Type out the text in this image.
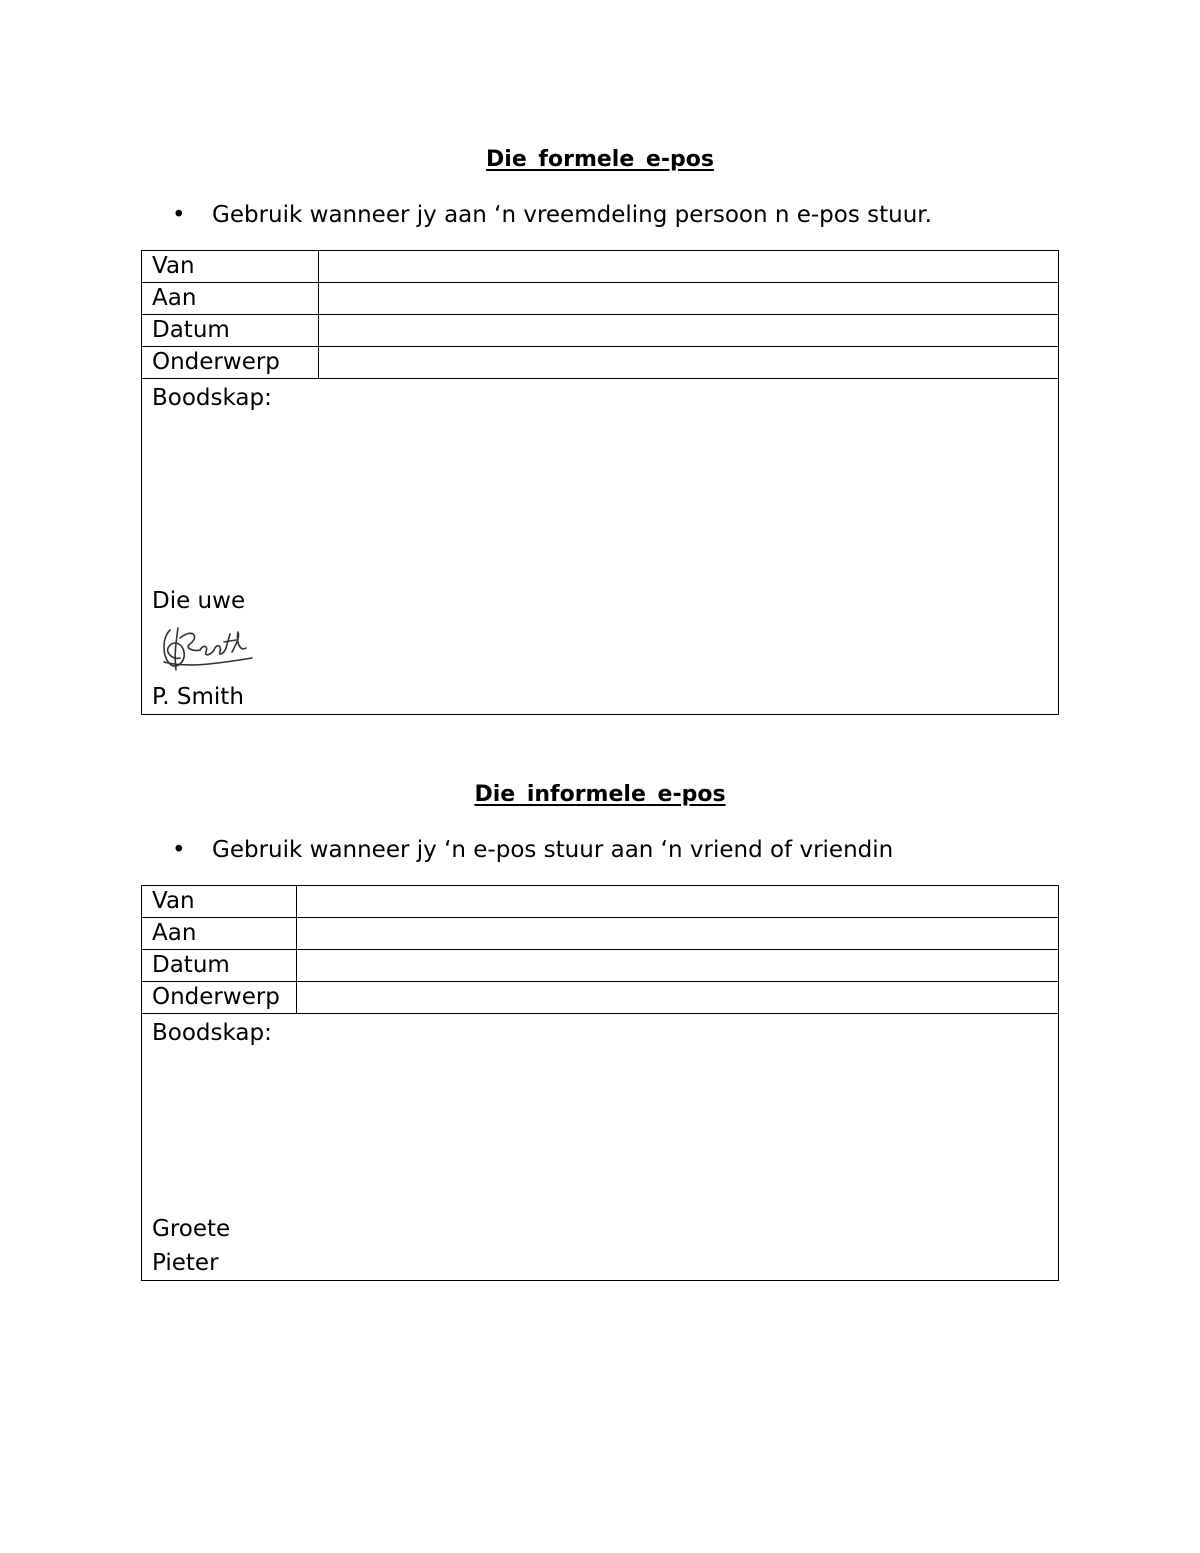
Die formele e-pos
• Gebruik wanneer jy aan ‘n vreemdeling persoon n e-pos stuur.
Van	
Aan	
Datum	
Onderwerp	

Boodskap:
Die uwe
P. Smith	
Die informele e-pos
• Gebruik wanneer jy ‘n e-pos stuur aan ‘n vriend of vriendin
Van	
Aan	
Datum	
Onderwerp	

Boodskap:
Groete
Pieter	
